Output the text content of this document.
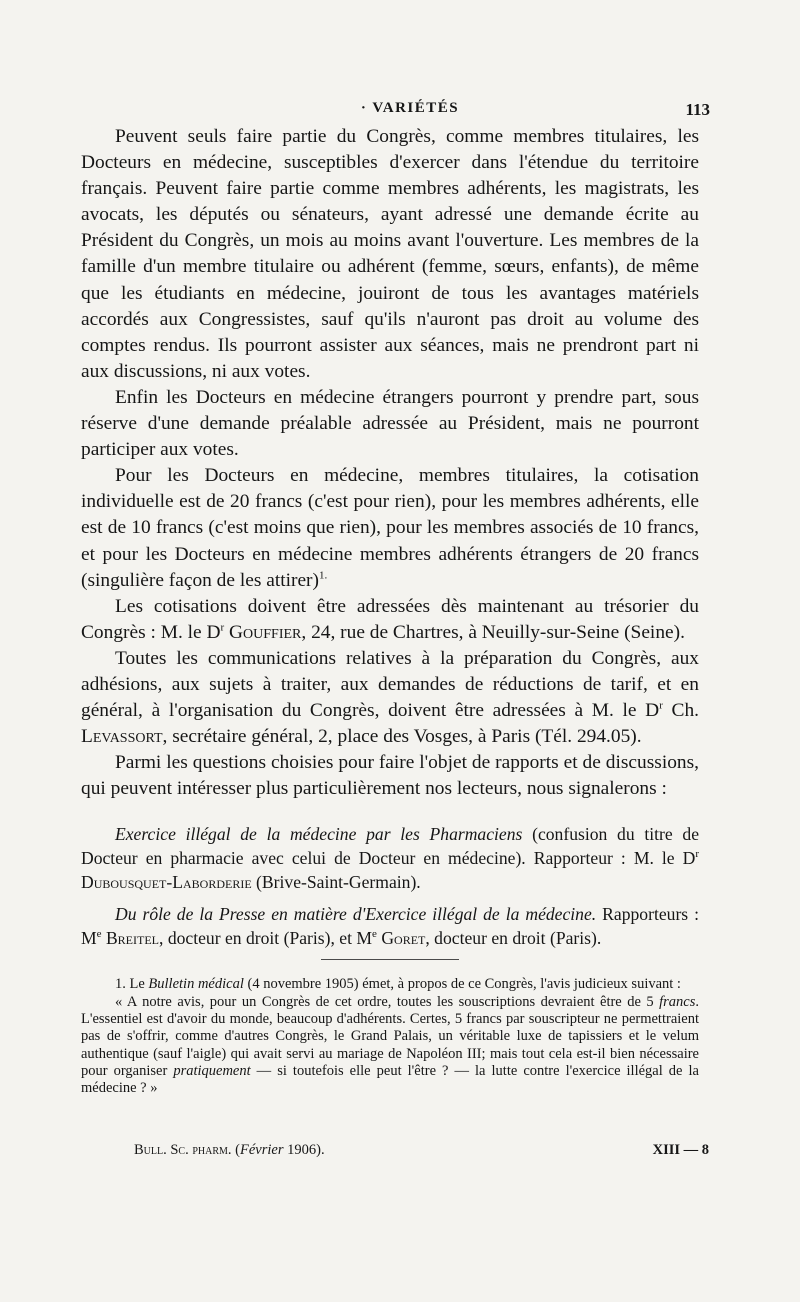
· VARIÉTÉS	113

Peuvent seuls faire partie du Congrès, comme membres titulaires, les Docteurs en médecine, susceptibles d'exercer dans l'étendue du territoire français. Peuvent faire partie comme membres adhérents, les magistrats, les avocats, les députés ou sénateurs, ayant adressé une demande écrite au Président du Congrès, un mois au moins avant l'ouverture. Les membres de la famille d'un membre titulaire ou adhérent (femme, sœurs, enfants), de même que les étudiants en médecine, jouiront de tous les avantages matériels accordés aux Congressistes, sauf qu'ils n'auront pas droit au volume des comptes rendus. Ils pourront assister aux séances, mais ne prendront part ni aux discussions, ni aux votes.

Enfin les Docteurs en médecine étrangers pourront y prendre part, sous réserve d'une demande préalable adressée au Président, mais ne pourront participer aux votes.

Pour les Docteurs en médecine, membres titulaires, la cotisation individuelle est de 20 francs (c'est pour rien), pour les membres adhérents, elle est de 10 francs (c'est moins que rien), pour les membres associés de 10 francs, et pour les Docteurs en médecine membres adhérents étrangers de 20 francs (singulière façon de les attirer)$^{1.}$

Les cotisations doivent être adressées dès maintenant au trésorier du Congrès : M. le $D^r$ Gouffier, 24, rue de Chartres, à Neuilly-sur-Seine (Seine).

Toutes les communications relatives à la préparation du Congrès, aux adhésions, aux sujets à traiter, aux demandes de réductions de tarif, et en général, à l'organisation du Congrès, doivent être adressées à M. le $D^r$ Ch. Levassort, secrétaire général, 2, place des Vosges, à Paris (Tél. 294.05).

Parmi les questions choisies pour faire l'objet de rapports et de discussions, qui peuvent intéresser plus particulièrement nos lecteurs, nous signalerons :

Exercice illégal de la médecine par les Pharmaciens (confusion du titre de Docteur en pharmacie avec celui de Docteur en médecine). Rapporteur : M. le $D^r$ Dubousquet-Laborderie (Brive-Saint-Germain).

Du rôle de la Presse en matière d'Exercice illégal de la médecine. Rapporteurs : Me Breitel, docteur en droit (Paris), et Me Goret, docteur en droit (Paris).

1. Le Bulletin médical (4 novembre 1905) émet, à propos de ce Congrès, l'avis judicieux suivant :

« A notre avis, pour un Congrès de cet ordre, toutes les souscriptions devraient être de 5 francs. L'essentiel est d'avoir du monde, beaucoup d'adhérents. Certes, 5 francs par souscripteur ne permettraient pas de s'offrir, comme d'autres Congrès, le Grand Palais, un véritable luxe de tapissiers et le velum authentique (sauf l'aigle) qui avait servi au mariage de Napoléon III; mais tout cela est-il bien nécessaire pour organiser pratiquement — si toutefois elle peut l'être ? — la lutte contre l'exercice illégal de la médecine ? »

Bull. Sc. pharm. (Février 1906).	XIII — 8
